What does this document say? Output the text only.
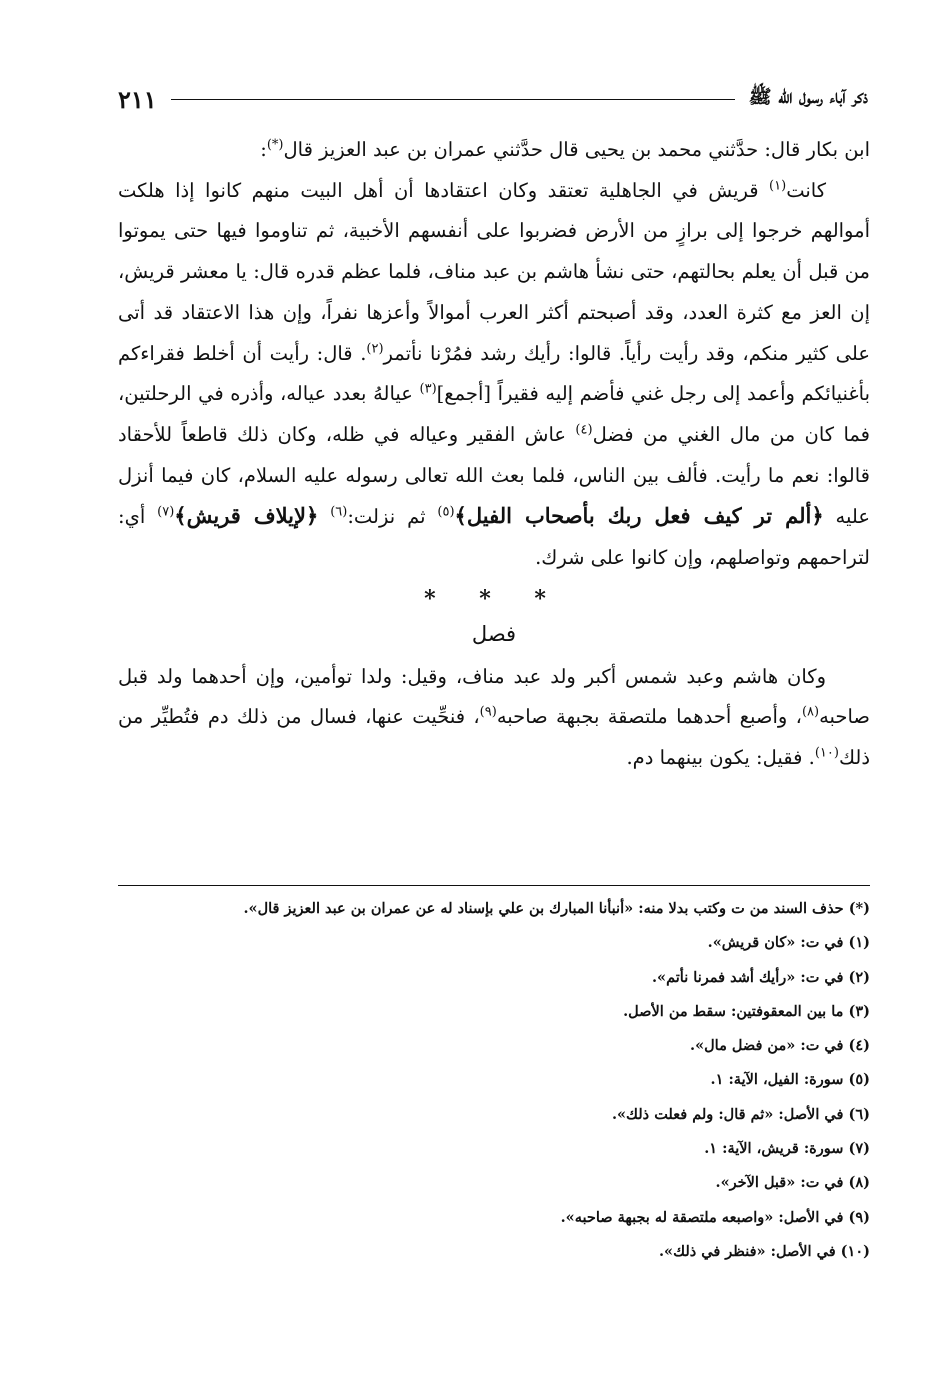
ذكر آباء رسول الله ﷺ
٢١١

ابن بكار قال: حدَّثني محمد بن يحيى قال حدَّثني عمران بن عبد العزيز قال(*):

كانت$^{(١)}$ قريش في الجاهلية تعتقد وكان اعتقادها أن أهل البيت منهم كانوا إذا هلكت أموالهم خرجوا إلى برازٍ من الأرض فضربوا على أنفسهم الأخبية، ثم تناوموا فيها حتى يموتوا من قبل أن يعلم بحالتهم، حتى نشأ هاشم بن عبد مناف، فلما عظم قدره قال: يا معشر قريش، إن العز مع كثرة العدد، وقد أصبحتم أكثر العرب أموالاً وأعزها نفراً، وإن هذا الاعتقاد قد أتى على كثير منكم، وقد رأيت رأياً. قالوا: رأيك رشد فمُرْنا نأتمر$^{(٢)}$. قال: رأيت أن أخلط فقراءكم بأغنيائكم وأعمد إلى رجل غني فأضم إليه فقيراً [أجمع]$^{(٣)}$ عيالهُ بعدد عياله، وأذره في الرحلتين، فما كان من مال الغني من فضل$^{(٤)}$ عاش الفقير وعياله في ظله، وكان ذلك قاطعاً للأحقاد قالوا: نعم ما رأيت. فألف بين الناس، فلما بعث الله تعالى رسوله عليه السلام، كان فيما أنزل عليه ﴿ألم تر كيف فعل ربك بأصحاب الفيل﴾$^{(٥)}$ ثم نزلت:$^{(٦)}$ ﴿لإيلاف قريش﴾$^{(٧)}$ أي: لتراحمهم وتواصلهم، وإن كانوا على شرك.

* * *
فصل

وكان هاشم وعبد شمس أكبر ولد عبد مناف، وقيل: ولدا توأمين، وإن أحدهما ولد قبل صاحبه$^{(٨)}$، وأصبع أحدهما ملتصقة بجبهة صاحبه$^{(٩)}$، فنحِّيت عنها، فسال من ذلك دم فتُطيِّر من ذلك$^{(١٠)}$. فقيل: يكون بينهما دم.

(*) حذف السند من ت وكتب بدلا منه: «أنبأنا المبارك بن علي بإسناد له عن عمران بن عبد العزيز قال».
(١) في ت: «كان قريش».
(٢) في ت: «رأيك أشد فمرنا نأتم».
(٣) ما بين المعقوفتين: سقط من الأصل.
(٤) في ت: «من فضل مال».
(٥) سورة: الفيل، الآية: ١.
(٦) في الأصل: «ثم قال: ولم فعلت ذلك».
(٧) سورة: قريش، الآية: ١.
(٨) في ت: «قبل الآخر».
(٩) في الأصل: «واصبعه ملتصقة له بجبهة صاحبه».
(١٠) في الأصل: «فنظر في ذلك».
